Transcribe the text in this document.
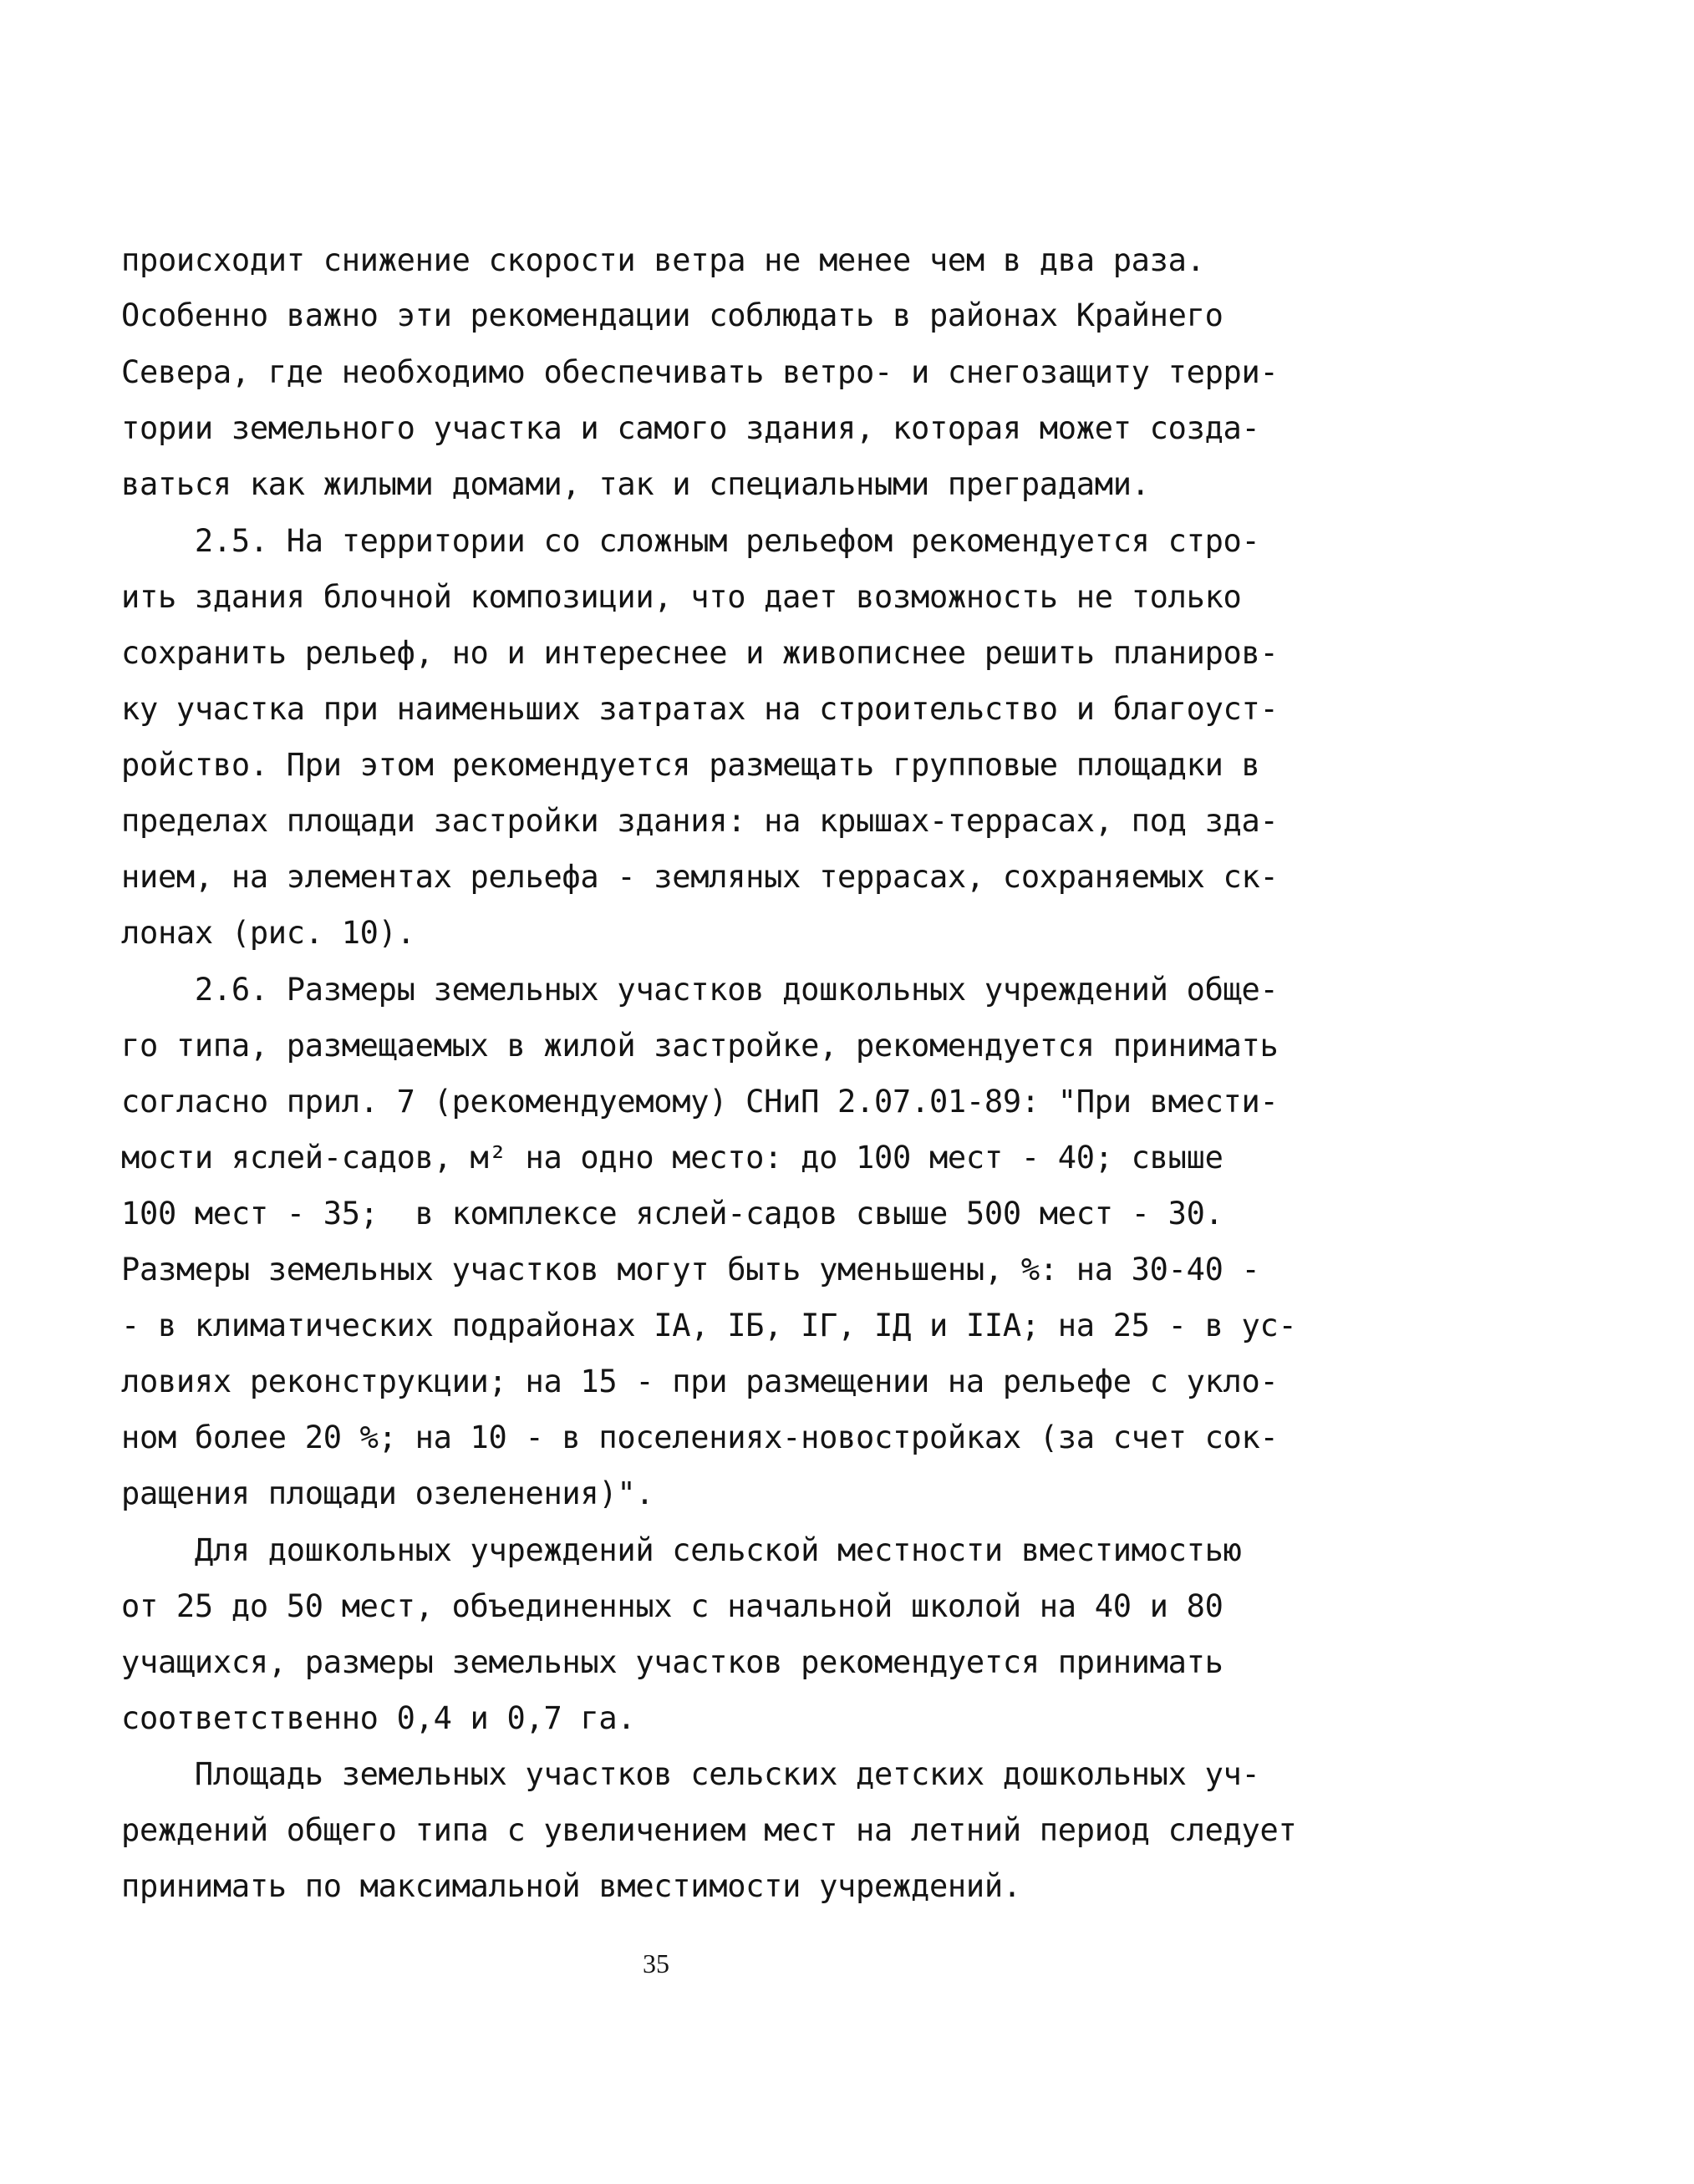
происходит снижение скорости ветра не менее чем в два раза.
Особенно важно эти рекомендации соблюдать в районах Крайнего
Севера, где необходимо обеспечивать ветро- и снегозащиту терри-
тории земельного участка и самого здания, которая может созда-
ваться как жилыми домами, так и специальными преградами.
2.5. На территории со сложным рельефом рекомендуется стро-
ить здания блочной композиции, что дает возможность не только
сохранить рельеф, но и интереснее и живописнее решить планиров-
ку участка при наименьших затратах на строительство и благоуст-
ройство. При этом рекомендуется размещать групповые площадки в
пределах площади застройки здания: на крышах-террасах, под зда-
нием, на элементах рельефа - земляных террасах, сохраняемых ск-
лонах (рис. 10).
2.6. Размеры земельных участков дошкольных учреждений обще-
го типа, размещаемых в жилой застройке, рекомендуется принимать
согласно прил. 7 (рекомендуемому) СНиП 2.07.01-89: "При вмести-
мости яслей-садов, м² на одно место: до 100 мест - 40; свыше
100 мест - 35;  в комплексе яслей-садов свыше 500 мест - 30.
Размеры земельных участков могут быть уменьшены, %: на 30-40 -
- в климатических подрайонах IA, IБ, IГ, IД и IIA; на 25 - в ус-
ловиях реконструкции; на 15 - при размещении на рельефе с укло-
ном более 20 %; на 10 - в поселениях-новостройках (за счет сок-
ращения площади озеленения)".
Для дошкольных учреждений сельской местности вместимостью
от 25 до 50 мест, объединенных с начальной школой на 40 и 80
учащихся, размеры земельных участков рекомендуется принимать
соответственно 0,4 и 0,7 га.
Площадь земельных участков сельских детских дошкольных уч-
реждений общего типа с увеличением мест на летний период следует
принимать по максимальной вместимости учреждений.
35
